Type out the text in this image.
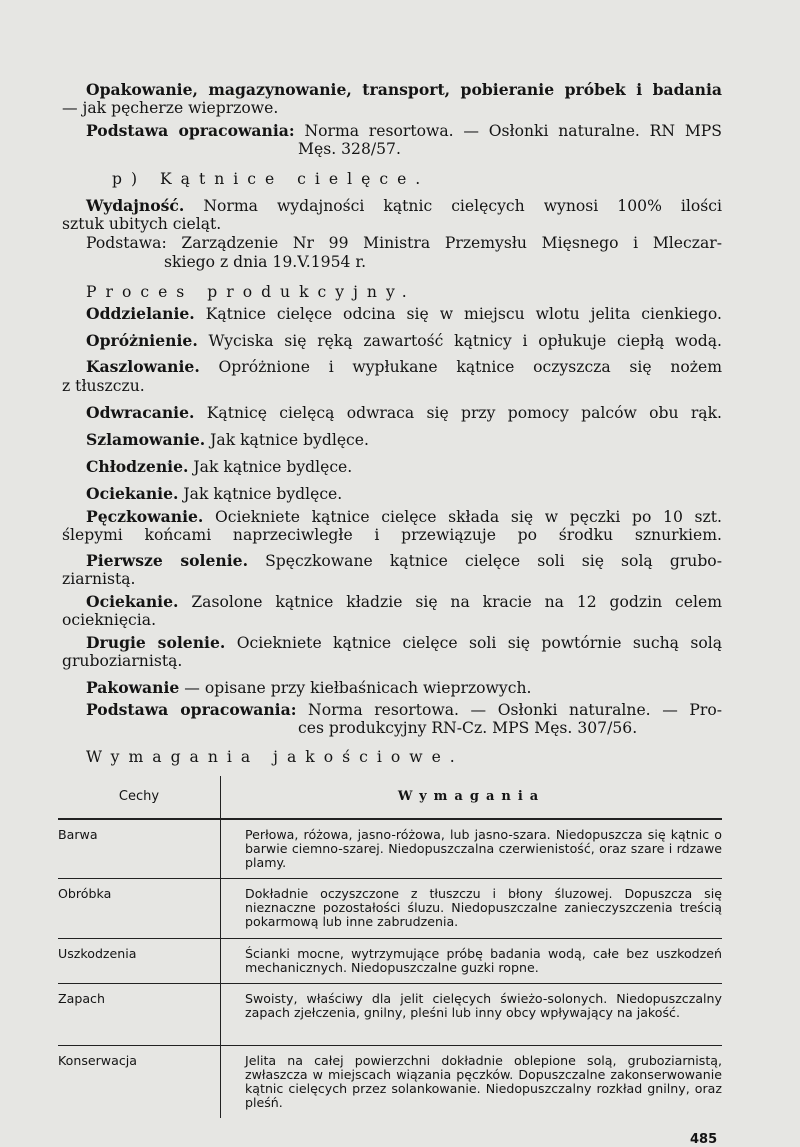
Opakowanie, magazynowanie, transport, pobieranie próbek i badania

— jak pęcherze wieprzowe.

Podstawa opracowania: Norma resortowa. — Osłonki naturalne. RN MPS

Męs. 328/57.

p) Kątnice cielęce.

Wydajność. Norma wydajności kątnic cielęcych wynosi 100% ilości

sztuk ubitych cieląt.

Podstawa: Zarządzenie Nr 99 Ministra Przemysłu Mięsnego i Mleczar-

skiego z dnia 19.V.1954 r.

Proces produkcyjny.

Oddzielanie. Kątnice cielęce odcina się w miejscu wlotu jelita cienkiego.

Opróżnienie. Wyciska się ręką zawartość kątnicy i opłukuje ciepłą wodą.

Kaszlowanie. Opróżnione i wypłukane kątnice oczyszcza się nożem

z tłuszczu.

Odwracanie. Kątnicę cielęcą odwraca się przy pomocy palców obu rąk.

Szlamowanie. Jak kątnice bydlęce.

Chłodzenie. Jak kątnice bydlęce.

Ociekanie. Jak kątnice bydlęce.

Pęczkowanie. Ociekniete kątnice cielęce składa się w pęczki po 10 szt.

ślepymi końcami naprzeciwległe i przewiązuje po środku sznurkiem.

Pierwsze solenie. Spęczkowane kątnice cielęce soli się solą grubo-

ziarnistą.

Ociekanie. Zasolone kątnice kładzie się na kracie na 12 godzin celem

ocieknięcia.

Drugie solenie. Ociekniete kątnice cielęce soli się powtórnie suchą solą

gruboziarnistą.

Pakowanie — opisane przy kiełbaśnicach wieprzowych.

Podstawa opracowania: Norma resortowa. — Osłonki naturalne. — Pro-

ces produkcyjny RN-Cz. MPS Męs. 307/56.

Wymagania jakościowe.

Cechy	Wymagania
Barwa	Perłowa, różowa, jasno-różowa, lub jasno-szara. Niedopuszcza się kątnic o barwie ciemno-szarej. Niedopuszczalna czerwienistość, oraz szare i rdzawe plamy.
Obróbka	Dokładnie oczyszczone z tłuszczu i błony śluzowej. Dopuszcza się nieznaczne pozostałości śluzu. Niedopuszczalne zanieczyszczenia treścią pokarmową lub inne zabrudzenia.
Uszkodzenia	Ścianki mocne, wytrzymujące próbę badania wodą, całe bez uszkodzeń mechanicznych. Niedopuszczalne guzki ropne.
Zapach	Swoisty, właściwy dla jelit cielęcych świeżo-solonych. Niedopuszczalny zapach zjełczenia, gnilny, pleśni lub inny obcy wpływający na jakość.
Konserwacja	Jelita na całej powierzchni dokładnie oblepione solą, gruboziarnistą, zwłaszcza w miejscach wiązania pęczków. Dopuszczalne zakonserwowanie kątnic cielęcych przez solankowanie. Niedopuszczalny rozkład gnilny, oraz pleśń.
485
